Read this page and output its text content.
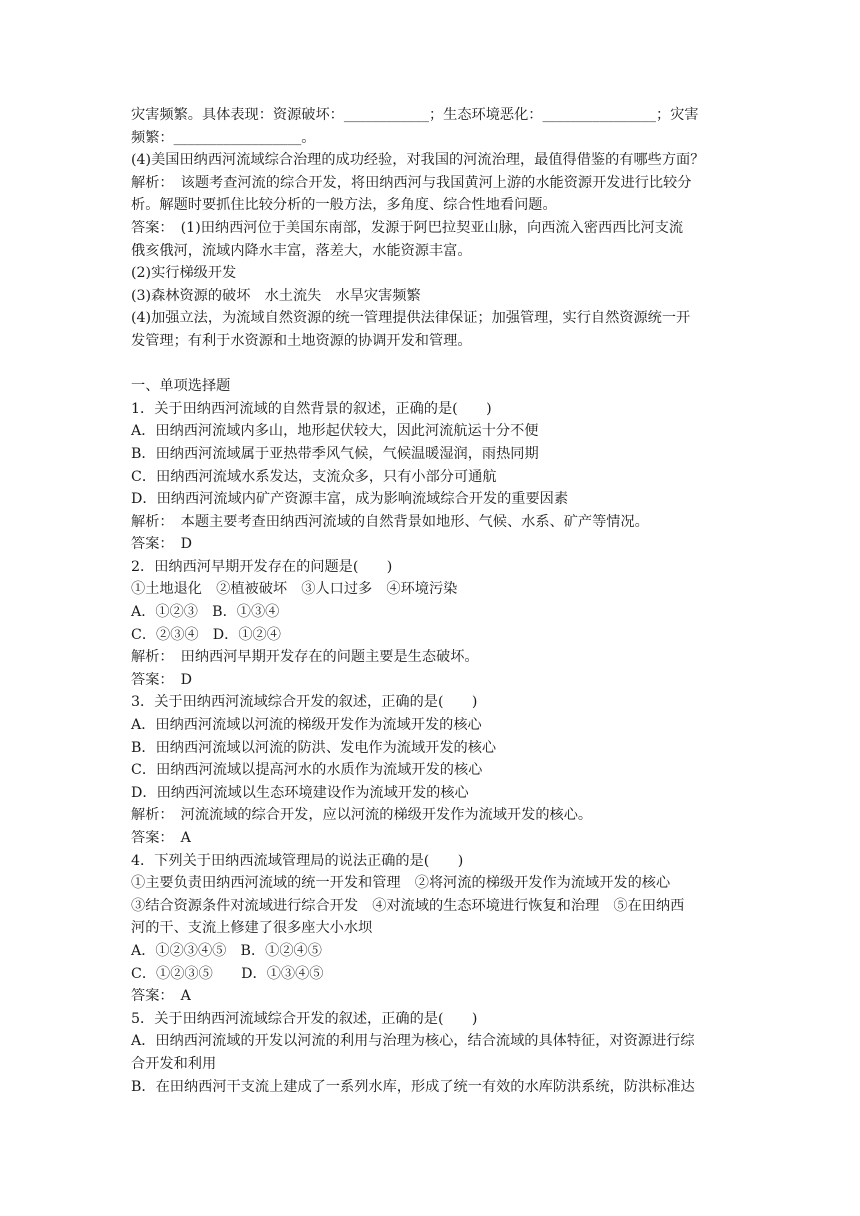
灾害频繁。具体表现：资源破坏：____________；生态环境恶化：________________；灾害
频繁：__________________。
(4)美国田纳西河流域综合治理的成功经验，对我国的河流治理，最值得借鉴的有哪些方面？
解析：　该题考查河流的综合开发，将田纳西河与我国黄河上游的水能资源开发进行比较分
析。解题时要抓住比较分析的一般方法，多角度、综合性地看问题。
答案：　(1)田纳西河位于美国东南部，发源于阿巴拉契亚山脉，向西流入密西西比河支流
俄亥俄河，流域内降水丰富，落差大，水能资源丰富。
(2)实行梯级开发
(3)森林资源的破坏　水土流失　水旱灾害频繁
(4)加强立法，为流域自然资源的统一管理提供法律保证；加强管理，实行自然资源统一开
发管理；有利于水资源和土地资源的协调开发和管理。
一、单项选择题
1．关于田纳西河流域的自然背景的叙述，正确的是(　　)
A．田纳西河流域内多山，地形起伏较大，因此河流航运十分不便
B．田纳西河流域属于亚热带季风气候，气候温暖湿润，雨热同期
C．田纳西河流域水系发达，支流众多，只有小部分可通航
D．田纳西河流域内矿产资源丰富，成为影响流域综合开发的重要因素
解析：　本题主要考查田纳西河流域的自然背景如地形、气候、水系、矿产等情况。
答案：　D
2．田纳西河早期开发存在的问题是(　　)
①土地退化　②植被破坏　③人口过多　④环境污染
A．①②③　B．①③④
C．②③④　D．①②④
解析：　田纳西河早期开发存在的问题主要是生态破坏。
答案：　D
3．关于田纳西河流域综合开发的叙述，正确的是(　　)
A．田纳西河流域以河流的梯级开发作为流域开发的核心
B．田纳西河流域以河流的防洪、发电作为流域开发的核心
C．田纳西河流域以提高河水的水质作为流域开发的核心
D．田纳西河流域以生态环境建设作为流域开发的核心
解析：　河流流域的综合开发，应以河流的梯级开发作为流域开发的核心。
答案：　A
4．下列关于田纳西流域管理局的说法正确的是(　　)
①主要负责田纳西河流域的统一开发和管理　②将河流的梯级开发作为流域开发的核心
③结合资源条件对流域进行综合开发　④对流域的生态环境进行恢复和治理　⑤在田纳西
河的干、支流上修建了很多座大小水坝
A．①②③④⑤　B．①②④⑤
C．①②③⑤　　D．①③④⑤
答案：　A
5．关于田纳西河流域综合开发的叙述，正确的是(　　)
A．田纳西河流域的开发以河流的利用与治理为核心，结合流域的具体特征，对资源进行综
合开发和利用
B．在田纳西河干支流上建成了一系列水库，形成了统一有效的水库防洪系统，防洪标准达
